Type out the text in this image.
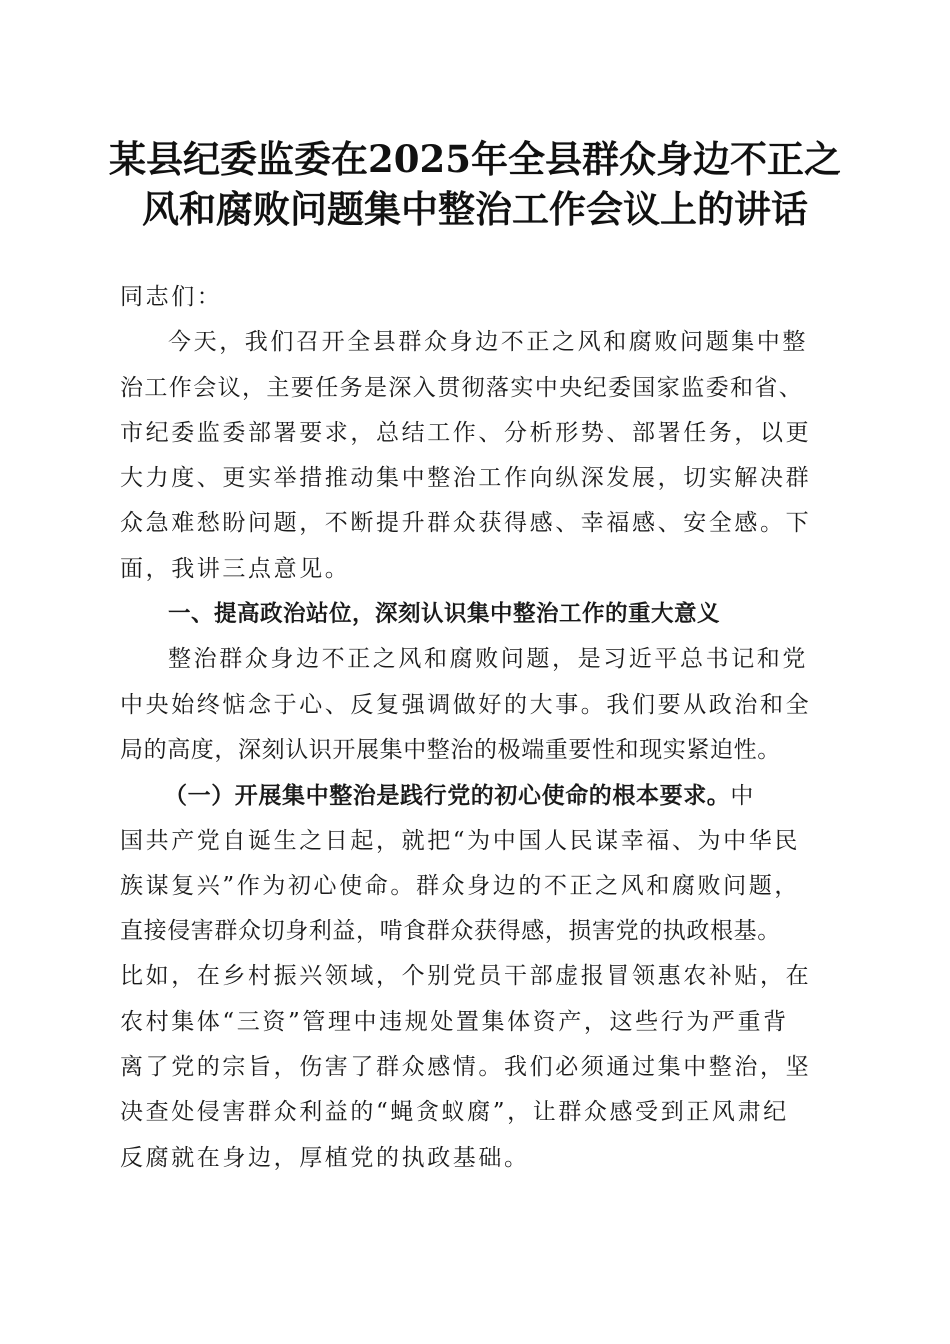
某县纪委监委在2025年全县群众身边不正之
风和腐败问题集中整治工作会议上的讲话
同志们：
今天，我们召开全县群众身边不正之风和腐败问题集中整
治工作会议，主要任务是深入贯彻落实中央纪委国家监委和省、
市纪委监委部署要求，总结工作、分析形势、部署任务，以更
大力度、更实举措推动集中整治工作向纵深发展，切实解决群
众急难愁盼问题，不断提升群众获得感、幸福感、安全感。下
面，我讲三点意见。
一、提高政治站位，深刻认识集中整治工作的重大意义
整治群众身边不正之风和腐败问题，是习近平总书记和党
中央始终惦念于心、反复强调做好的大事。我们要从政治和全
局的高度，深刻认识开展集中整治的极端重要性和现实紧迫性。
（一）开展集中整治是践行党的初心使命的根本要求。中
国共产党自诞生之日起，就把“为中国人民谋幸福、为中华民
族谋复兴”作为初心使命。群众身边的不正之风和腐败问题，
直接侵害群众切身利益，啃食群众获得感，损害党的执政根基。
比如，在乡村振兴领域，个别党员干部虚报冒领惠农补贴，在
农村集体“三资”管理中违规处置集体资产，这些行为严重背
离了党的宗旨，伤害了群众感情。我们必须通过集中整治，坚
决查处侵害群众利益的“蝇贪蚁腐”，让群众感受到正风肃纪
反腐就在身边，厚植党的执政基础。
